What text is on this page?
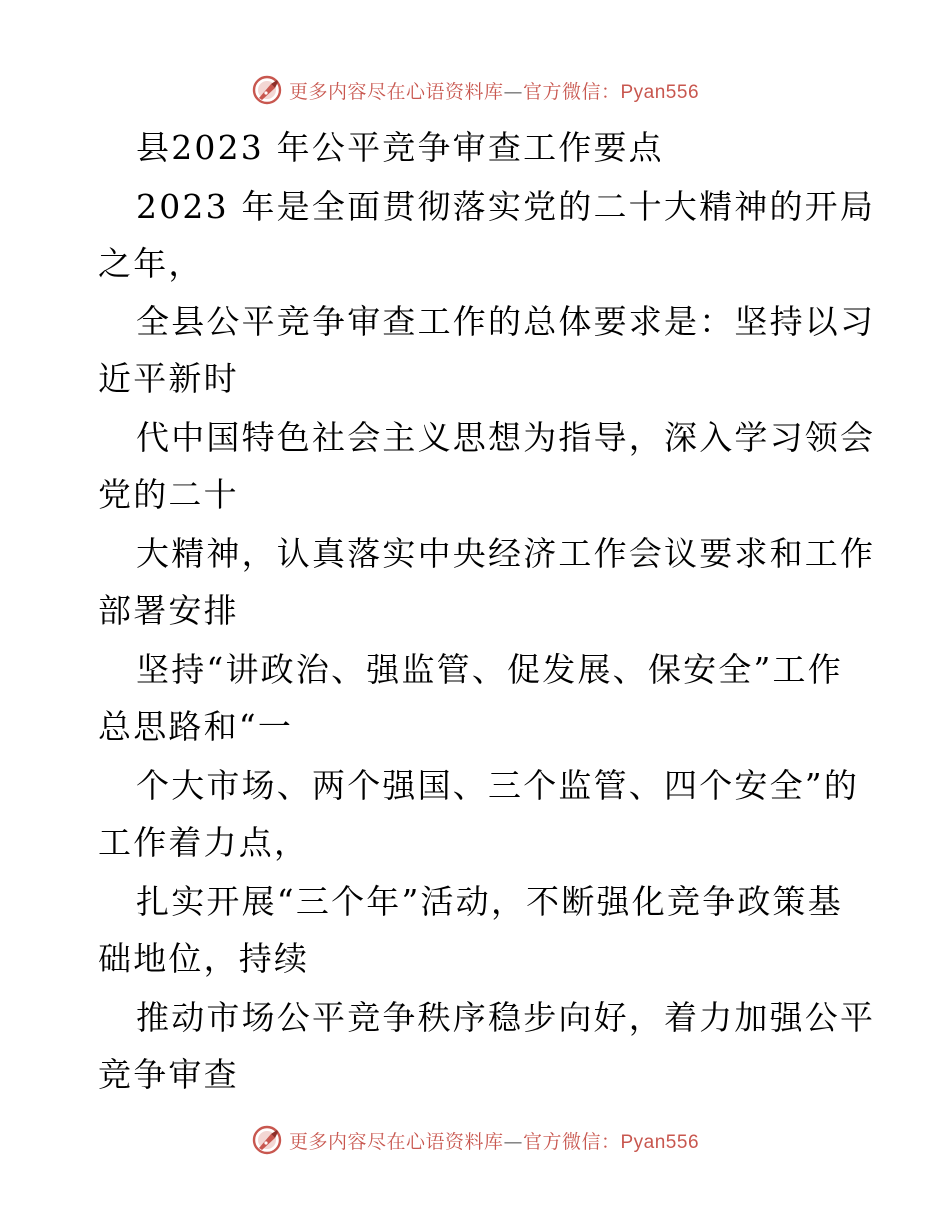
更多内容尽在心语资料库—官方微信：Pyan556
县2023 年公平竞争审查工作要点
2023 年是全面贯彻落实党的二十大精神的开局
之年，
全县公平竞争审查工作的总体要求是：坚持以习
近平新时
代中国特色社会主义思想为指导，深入学习领会
党的二十
大精神，认真落实中央经济工作会议要求和工作
部署安排
坚持“讲政治、强监管、促发展、保安全”工作
总思路和“一
个大市场、两个强国、三个监管、四个安全”的
工作着力点，
扎实开展“三个年”活动，不断强化竞争政策基
础地位，持续
推动市场公平竞争秩序稳步向好，着力加强公平
竞争审查
更多内容尽在心语资料库—官方微信：Pyan556
